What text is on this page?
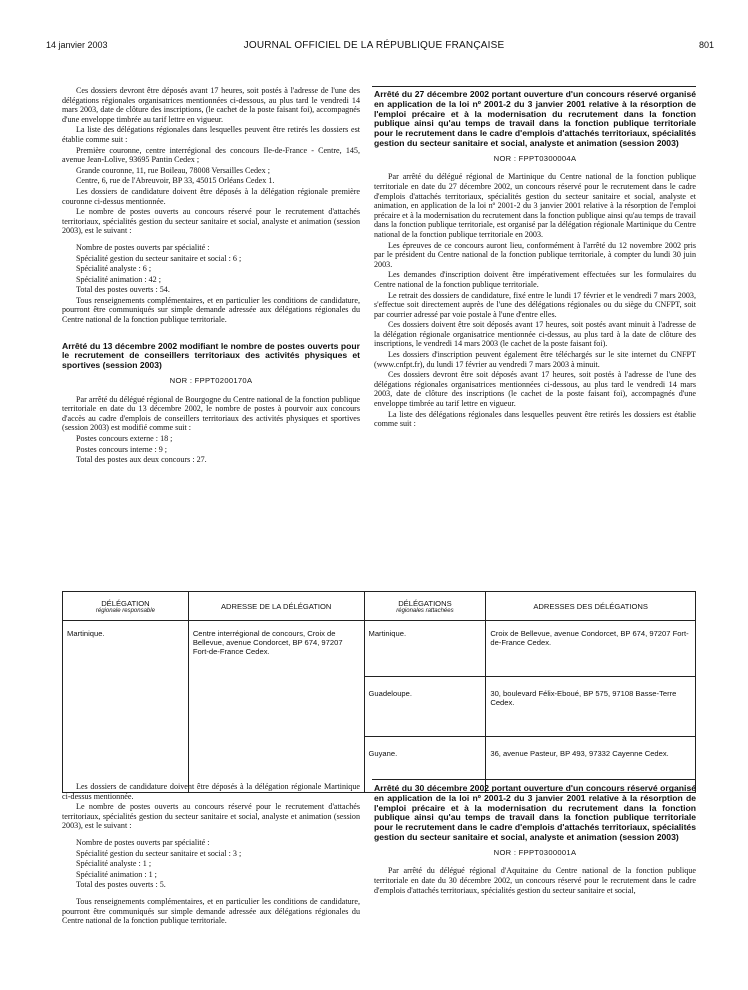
14 janvier 2003	JOURNAL OFFICIEL DE LA RÉPUBLIQUE FRANÇAISE	801

Ces dossiers devront être déposés avant 17 heures, soit postés à l'adresse de l'une des délégations régionales organisatrices mentionnées ci-dessous, au plus tard le vendredi 14 mars 2003, date de clôture des inscriptions, (le cachet de la poste faisant foi), accompagnés d'une enveloppe timbrée au tarif lettre en vigueur.

La liste des délégations régionales dans lesquelles peuvent être retirés les dossiers est établie comme suit :

Première couronne, centre interrégional des concours Ile-de-France - Centre, 145, avenue Jean-Lolive, 93695 Pantin Cedex ;

Grande couronne, 11, rue Boileau, 78008 Versailles Cedex ;

Centre, 6, rue de l'Abreuvoir, BP 33, 45015 Orléans Cedex 1.

Les dossiers de candidature doivent être déposés à la délégation régionale première couronne ci-dessus mentionnée.

Le nombre de postes ouverts au concours réservé pour le recrutement d'attachés territoriaux, spécialités gestion du secteur sanitaire et social, analyste et animation (session 2003), est le suivant :

Nombre de postes ouverts par spécialité :

Spécialité gestion du secteur sanitaire et social : 6 ;

Spécialité analyste : 6 ;

Spécialité animation : 42 ;

Total des postes ouverts : 54.

Tous renseignements complémentaires, et en particulier les conditions de candidature, pourront être communiqués sur simple demande adressée aux délégations régionales du Centre national de la fonction publique territoriale.

Arrêté du 13 décembre 2002 modifiant le nombre de postes ouverts pour le recrutement de conseillers territoriaux des activités physiques et sportives (session 2003)

NOR : FPPT0200170A

Par arrêté du délégué régional de Bourgogne du Centre national de la fonction publique territoriale en date du 13 décembre 2002, le nombre de postes à pourvoir aux concours d'accès au cadre d'emplois de conseillers territoriaux des activités physiques et sportives (session 2003) est modifié comme suit :

Postes concours externe : 18 ;

Postes concours interne : 9 ;

Total des postes aux deux concours : 27.

Arrêté du 27 décembre 2002 portant ouverture d'un concours réservé organisé en application de la loi nº 2001-2 du 3 janvier 2001 relative à la résorption de l'emploi précaire et à la modernisation du recrutement dans la fonction publique ainsi qu'au temps de travail dans la fonction publique territoriale pour le recrutement dans le cadre d'emplois d'attachés territoriaux, spécialités gestion du secteur sanitaire et social, analyste et animation (session 2003)

NOR : FPPT0300004A

Par arrêté du délégué régional de Martinique du Centre national de la fonction publique territoriale en date du 27 décembre 2002, un concours réservé pour le recrutement dans le cadre d'emplois d'attachés territoriaux, spécialités gestion du secteur sanitaire et social, analyste et animation, en application de la loi nº 2001-2 du 3 janvier 2001 relative à la résorption de l'emploi précaire et à la modernisation du recrutement dans la fonction publique ainsi qu'au temps de travail dans la fonction publique territoriale, est organisé par la délégation régionale Martinique du Centre national de la fonction publique territoriale en 2003.

Les épreuves de ce concours auront lieu, conformément à l'arrêté du 12 novembre 2002 pris par le président du Centre national de la fonction publique territoriale, à compter du lundi 30 juin 2003.

Les demandes d'inscription doivent être impérativement effectuées sur les formulaires du Centre national de la fonction publique territoriale.

Le retrait des dossiers de candidature, fixé entre le lundi 17 février et le vendredi 7 mars 2003, s'effectue soit directement auprès de l'une des délégations régionales ou du siège du CNFPT, soit par courrier adressé par voie postale à l'une d'entre elles.

Ces dossiers doivent être soit déposés avant 17 heures, soit postés avant minuit à l'adresse de la délégation régionale organisatrice mentionnée ci-dessus, au plus tard à la date de clôture des inscriptions, le vendredi 14 mars 2003 (le cachet de la poste faisant foi).

Les dossiers d'inscription peuvent également être téléchargés sur le site internet du CNFPT (www.cnfpt.fr), du lundi 17 février au vendredi 7 mars 2003 à minuit.

Ces dossiers devront être soit déposés avant 17 heures, soit postés à l'adresse de l'une des délégations régionales organisatrices mentionnées ci-dessous, au plus tard le vendredi 14 mars 2003, date de clôture des inscriptions (le cachet de la poste faisant foi), accompagnés d'une enveloppe timbrée au tarif lettre en vigueur.

La liste des délégations régionales dans lesquelles peuvent être retirés les dossiers est établie comme suit :

DÉLÉGATION
régionale responsable	ADRESSE DE LA DÉLÉGATION	DÉLÉGATIONS
régionales rattachées	ADRESSES DES DÉLÉGATIONS
Martinique.	Centre interrégional de concours, Croix de Bellevue, avenue Condorcet, BP 674, 97207 Fort-de-France Cedex.	Martinique.	Croix de Bellevue, avenue Condorcet, BP 674, 97207 Fort-de-France Cedex.
		Guadeloupe.	30, boulevard Félix-Eboué, BP 575, 97108 Basse-Terre Cedex.
		Guyane.	36, avenue Pasteur, BP 493, 97332 Cayenne Cedex.

Les dossiers de candidature doivent être déposés à la délégation régionale Martinique ci-dessus mentionnée.

Le nombre de postes ouverts au concours réservé pour le recrutement d'attachés territoriaux, spécialités gestion du secteur sanitaire et social, analyste et animation (session 2003), est le suivant :

Nombre de postes ouverts par spécialité :

Spécialité gestion du secteur sanitaire et social : 3 ;

Spécialité analyste : 1 ;

Spécialité animation : 1 ;

Total des postes ouverts : 5.

Tous renseignements complémentaires, et en particulier les conditions de candidature, pourront être communiqués sur simple demande adressée aux délégations régionales du Centre national de la fonction publique territoriale.

Arrêté du 30 décembre 2002 portant ouverture d'un concours réservé organisé en application de la loi nº 2001-2 du 3 janvier 2001 relative à la résorption de l'emploi précaire et à la modernisation du recrutement dans la fonction publique ainsi qu'au temps de travail dans la fonction publique territoriale pour le recrutement dans le cadre d'emplois d'attachés territoriaux, spécialités gestion du secteur sanitaire et social, analyste et animation (session 2003)

NOR : FPPT0300001A

Par arrêté du délégué régional d'Aquitaine du Centre national de la fonction publique territoriale en date du 30 décembre 2002, un concours réservé pour le recrutement dans le cadre d'emplois d'attachés territoriaux, spécialités gestion du secteur sanitaire et social,
